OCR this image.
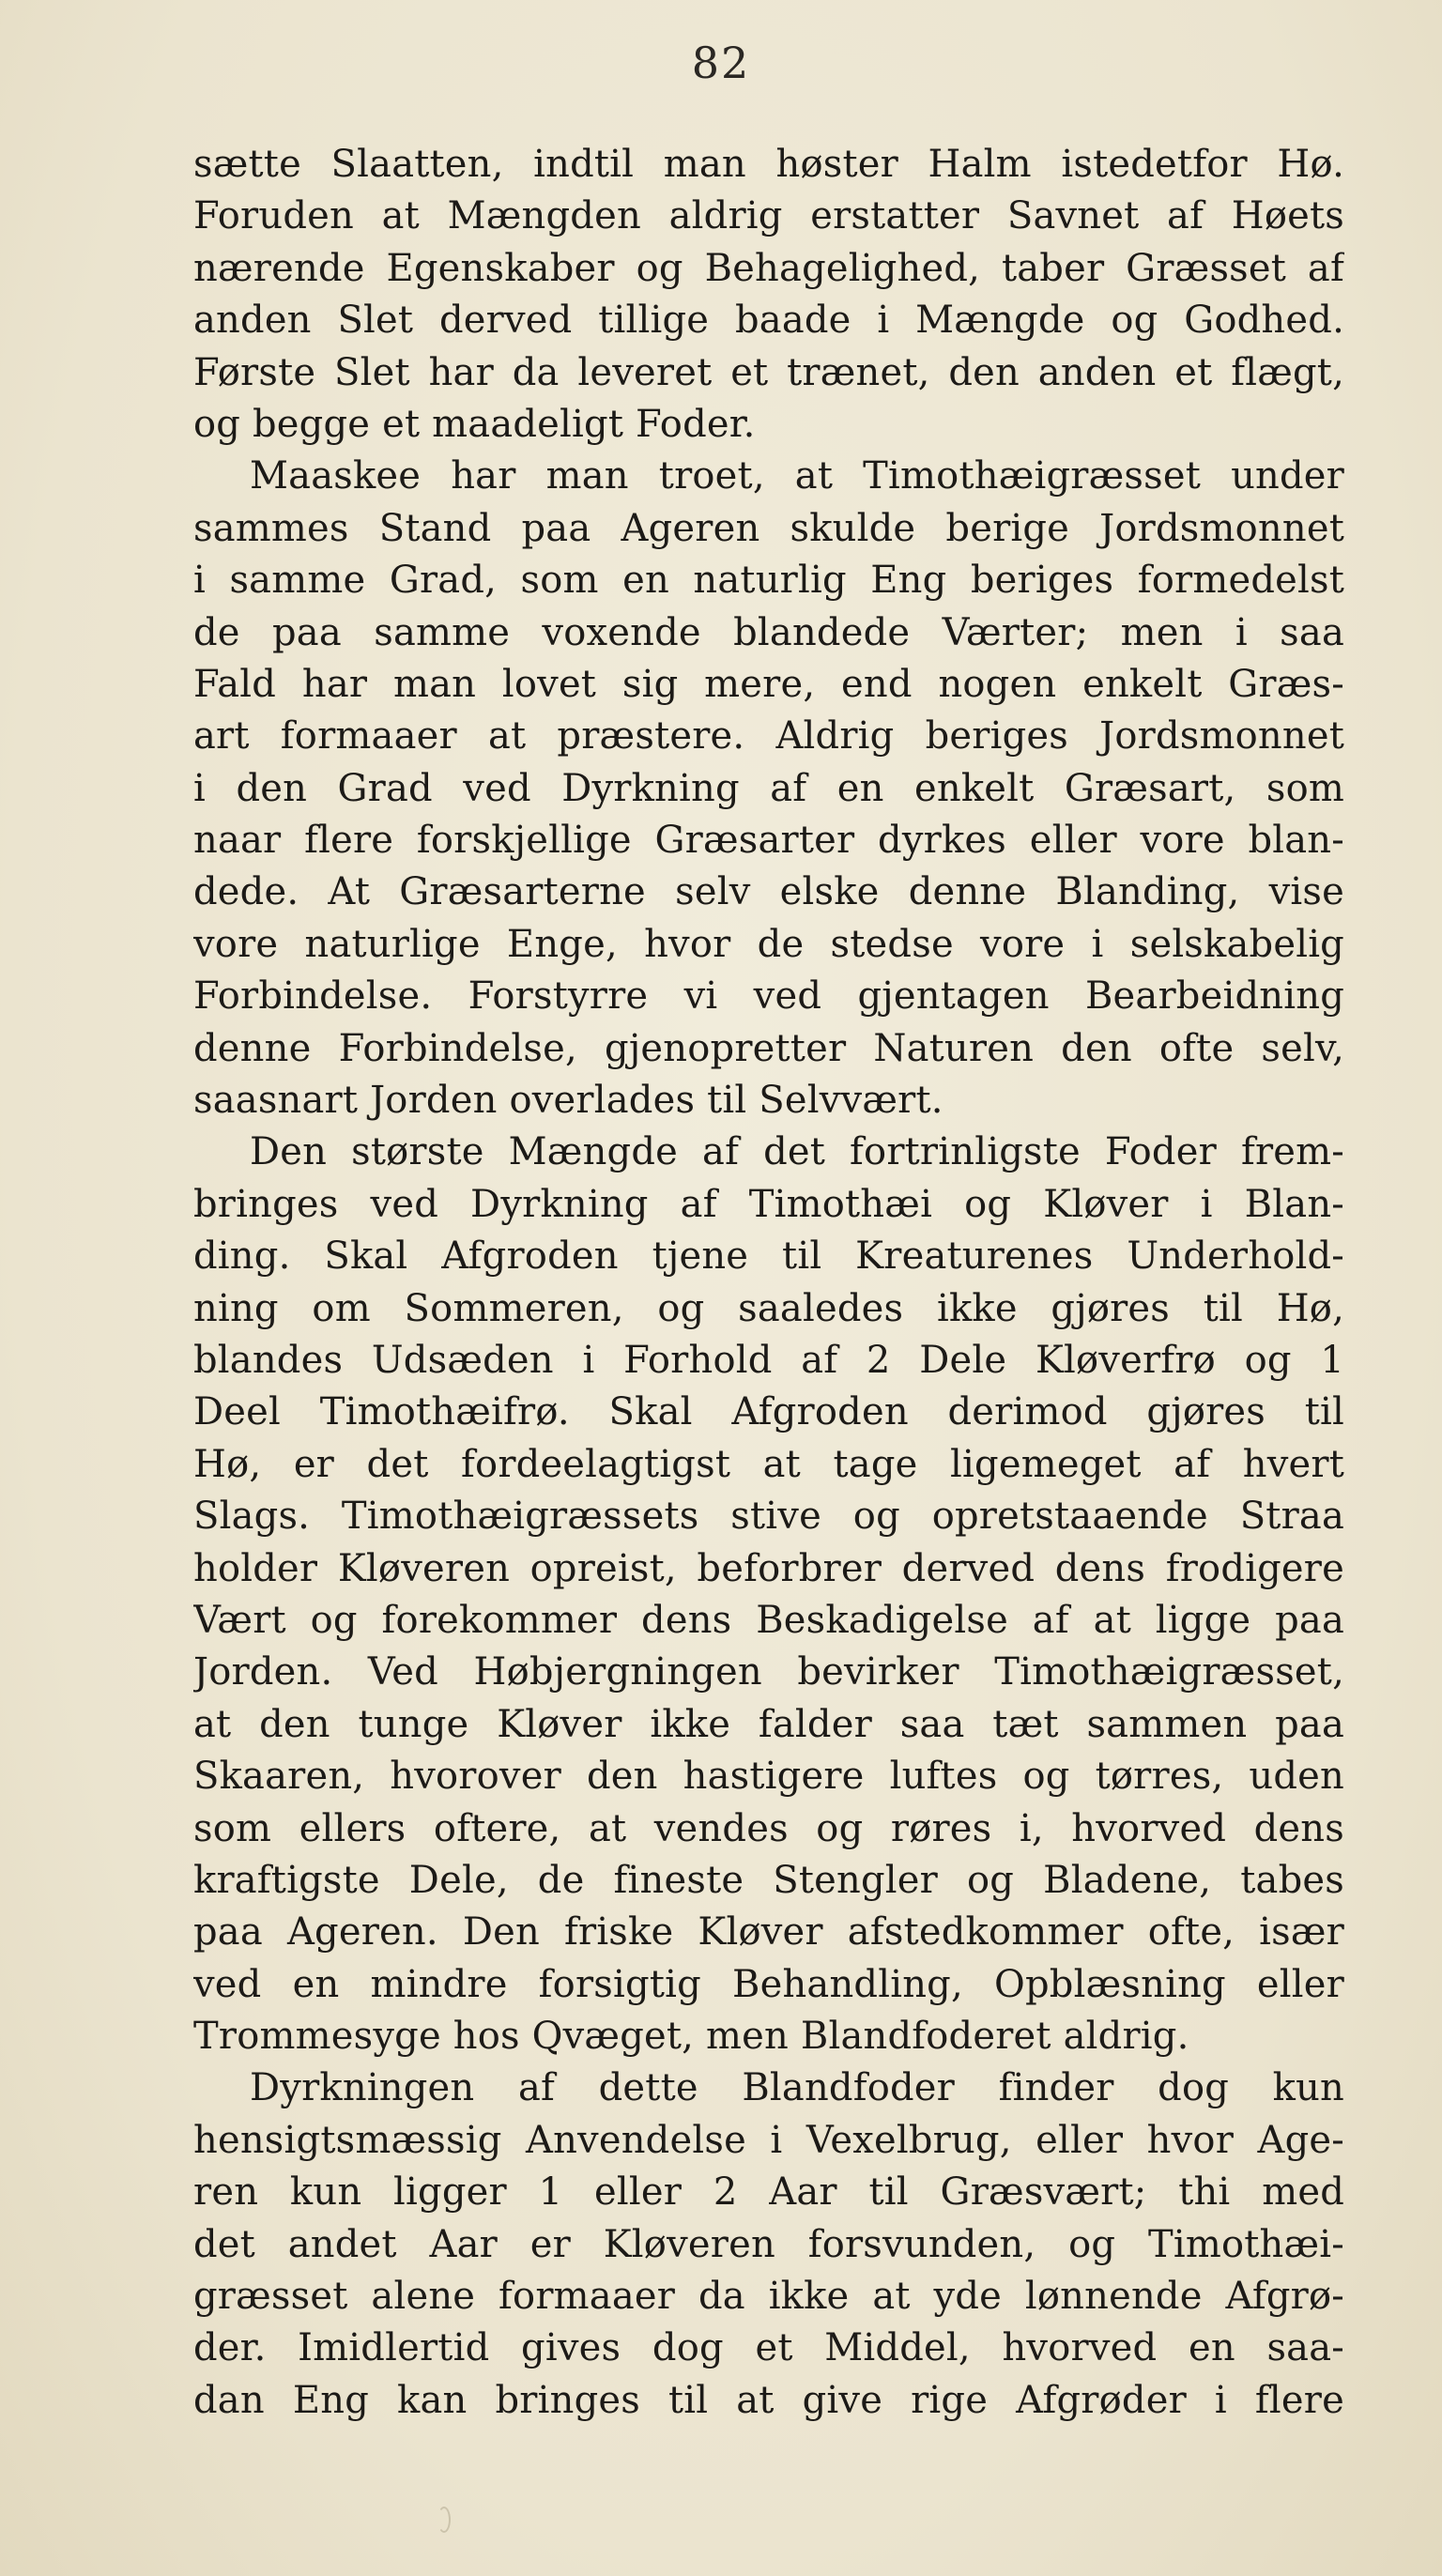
82
sætte Slaatten, indtil man høster Halm istedetfor Hø.
Foruden at Mængden aldrig erstatter Savnet af Høets
nærende Egenskaber og Behagelighed, taber Græsset af
anden Slet derved tillige baade i Mængde og Godhed.
Første Slet har da leveret et trænet, den anden et flægt,
og begge et maadeligt Foder.
Maaskee har man troet, at Timothæigræsset under
sammes Stand paa Ageren skulde berige Jordsmonnet
i samme Grad, som en naturlig Eng beriges formedelst
de paa samme voxende blandede Værter; men i saa
Fald har man lovet sig mere, end nogen enkelt Græs-
art formaaer at præstere. Aldrig beriges Jordsmonnet
i den Grad ved Dyrkning af en enkelt Græsart, som
naar flere forskjellige Græsarter dyrkes eller vore blan-
dede. At Græsarterne selv elske denne Blanding, vise
vore naturlige Enge, hvor de stedse vore i selskabelig
Forbindelse. Forstyrre vi ved gjentagen Bearbeidning
denne Forbindelse, gjenopretter Naturen den ofte selv,
saasnart Jorden overlades til Selvvært.
Den største Mængde af det fortrinligste Foder frem-
bringes ved Dyrkning af Timothæi og Kløver i Blan-
ding. Skal Afgroden tjene til Kreaturenes Underhold-
ning om Sommeren, og saaledes ikke gjøres til Hø,
blandes Udsæden i Forhold af 2 Dele Kløverfrø og 1
Deel Timothæifrø. Skal Afgroden derimod gjøres til
Hø, er det fordeelagtigst at tage ligemeget af hvert
Slags. Timothæigræssets stive og opretstaaende Straa
holder Kløveren opreist, beforbrer derved dens frodigere
Vært og forekommer dens Beskadigelse af at ligge paa
Jorden. Ved Høbjergningen bevirker Timothæigræsset,
at den tunge Kløver ikke falder saa tæt sammen paa
Skaaren, hvorover den hastigere luftes og tørres, uden
som ellers oftere, at vendes og røres i, hvorved dens
kraftigste Dele, de fineste Stengler og Bladene, tabes
paa Ageren. Den friske Kløver afstedkommer ofte, især
ved en mindre forsigtig Behandling, Opblæsning eller
Trommesyge hos Qvæget, men Blandfoderet aldrig.
Dyrkningen af dette Blandfoder finder dog kun
hensigtsmæssig Anvendelse i Vexelbrug, eller hvor Age-
ren kun ligger 1 eller 2 Aar til Græsvært; thi med
det andet Aar er Kløveren forsvunden, og Timothæi-
græsset alene formaaer da ikke at yde lønnende Afgrø-
der. Imidlertid gives dog et Middel, hvorved en saa-
dan Eng kan bringes til at give rige Afgrøder i flere
